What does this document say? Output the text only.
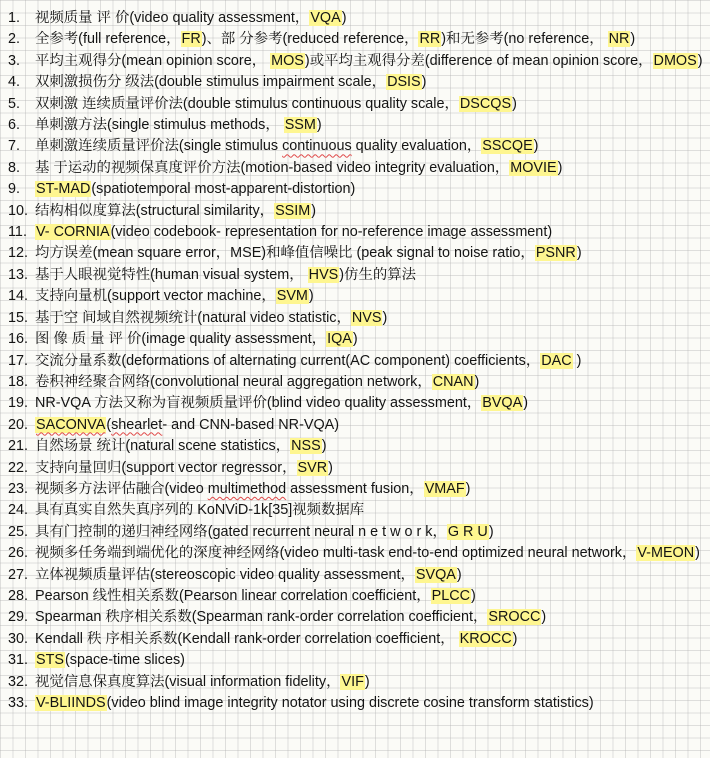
1.	视频质量 评 价(video quality assessment，VQA)
2.	全参考(full reference，FR)、部 分参考(reduced reference，RR)和无参考(no reference， NR)
3.	平均主观得分(mean opinion score， MOS)或平均主观得分差(difference of mean opinion score，DMOS)
4.	双刺激损伤分 级法(double stimulus impairment scale，DSIS)
5.	双刺激 连续质量评价法(double stimulus continuous quality scale，DSCQS)
6.	单刺激方法(single stimulus methods， SSM)
7.	单刺激连续质量评价法(single stimulus continuous quality evaluation，SSCQE)
8.	基 于运动的视频保真度评价方法(motion-based video integrity evaluation，MOVIE)
9.	ST-MAD(spatiotemporal most-apparent-distortion)
10. 结构相似度算法(structural similarity，SSIM)
11. V- CORNIA(video codebook- representation for no-reference image assessment)
12. 均方误差(mean square error，MSE)和峰值信噪比 (peak signal to noise ratio，PSNR)
13. 基于人眼视觉特性(human visual system， HVS)仿生的算法
14. 支持向量机(support vector machine，SVM)
15. 基于空 间域自然视频统计(natural video statistic，NVS)
16. 图 像 质 量 评 价(image quality assessment，IQA)
17. 交流分量系数(deformations of alternating current(AC component) coefficients，DAC )
18. 卷积神经聚合网络(convolutional neural aggregation network，CNAN)
19. NR-VQA 方法又称为盲视频质量评价(blind video quality assessment，BVQA)
20. SACONVA(shearlet- and CNN-based NR-VQA)
21. 自然场景 统计(natural scene statistics，NSS)
22. 支持向量回归(support vector regressor，SVR)
23. 视频多方法评估融合(video multimethod assessment fusion，VMAF)
24. 具有真实自然失真序列的 KoNViD-1k[35]视频数据库
25. 具有门控制的递归神经网络(gated recurrent neural n e t w o r k，G R U)
26. 视频多任务端到端优化的深度神经网络(video multi-task end-to-end optimized neural network，V-MEON)
27. 立体视频质量评估(stereoscopic video quality assessment，SVQA)
28. Pearson 线性相关系数(Pearson linear correlation coefficient，PLCC)
29. Spearman 秩序相关系数(Spearman rank-order correlation coefficient，SROCC)
30. Kendall 秩 序相关系数(Kendall rank-order correlation coefficient， KROCC)
31. STS(space-time slices)
32. 视觉信息保真度算法(visual information fidelity，VIF)
33. V-BLIINDS(video blind image integrity notator using discrete cosine transform statistics)
